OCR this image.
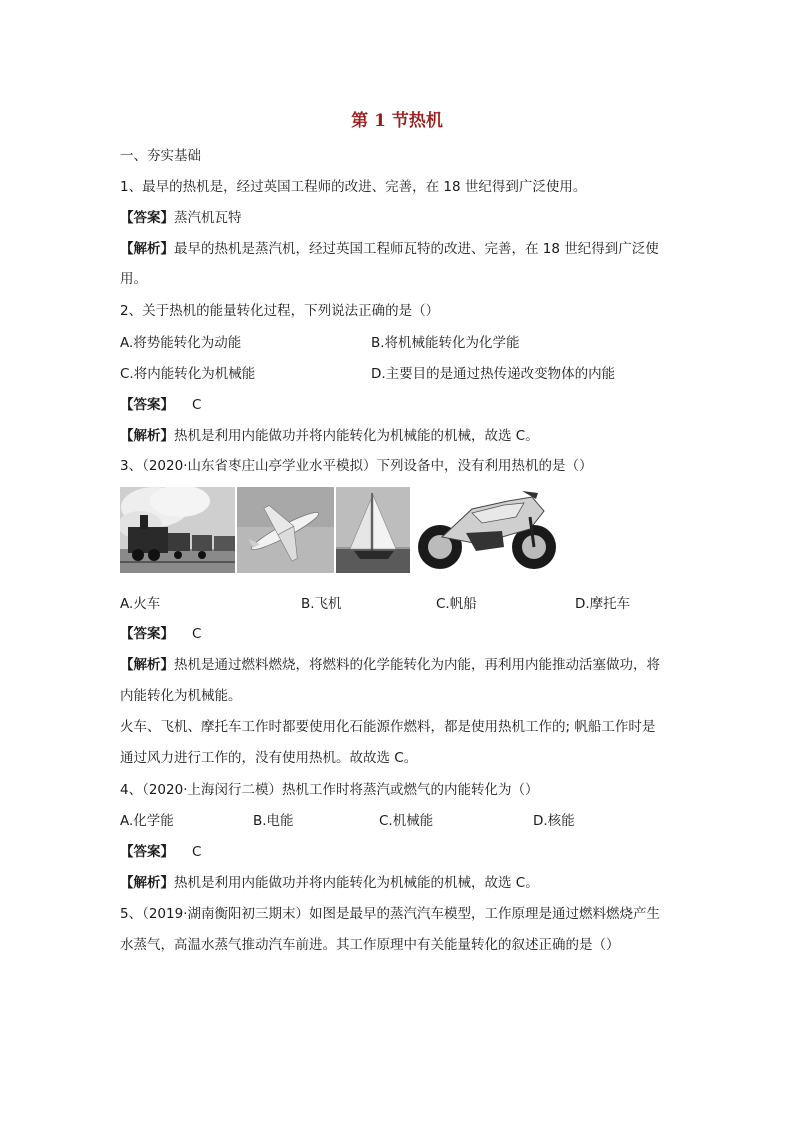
第 1 节热机
一、夯实基础
1、最早的热机是，经过英国工程师的改进、完善，在 18 世纪得到广泛使用。
【答案】蒸汽机瓦特
【解析】最早的热机是蒸汽机，经过英国工程师瓦特的改进、完善，在 18 世纪得到广泛使
用。
2、关于热机的能量转化过程，下列说法正确的是（）
A.将势能转化为动能	B.将机械能转化为化学能
C.将内能转化为机械能	D.主要目的是通过热传递改变物体的内能
【答案】 C
【解析】热机是利用内能做功并将内能转化为机械能的机械，故选 C。
3、（2020·山东省枣庄山亭学业水平模拟）下列设备中，没有利用热机的是（）
A.火车	B.飞机	C.帆船	D.摩托车
【答案】 C
【解析】热机是通过燃料燃烧，将燃料的化学能转化为内能，再利用内能推动活塞做功，将
内能转化为机械能。
火车、飞机、摩托车工作时都要使用化石能源作燃料，都是使用热机工作的; 帆船工作时是
通过风力进行工作的，没有使用热机。故故选 C。
4、（2020·上海闵行二模）热机工作时将蒸汽或燃气的内能转化为（）
A.化学能	B.电能	C.机械能	D.核能
【答案】 C
【解析】热机是利用内能做功并将内能转化为机械能的机械，故选 C。
5、（2019·湖南衡阳初三期末）如图是最早的蒸汽汽车模型，工作原理是通过燃料燃烧产生
水蒸气，高温水蒸气推动汽车前进。其工作原理中有关能量转化的叙述正确的是（）
